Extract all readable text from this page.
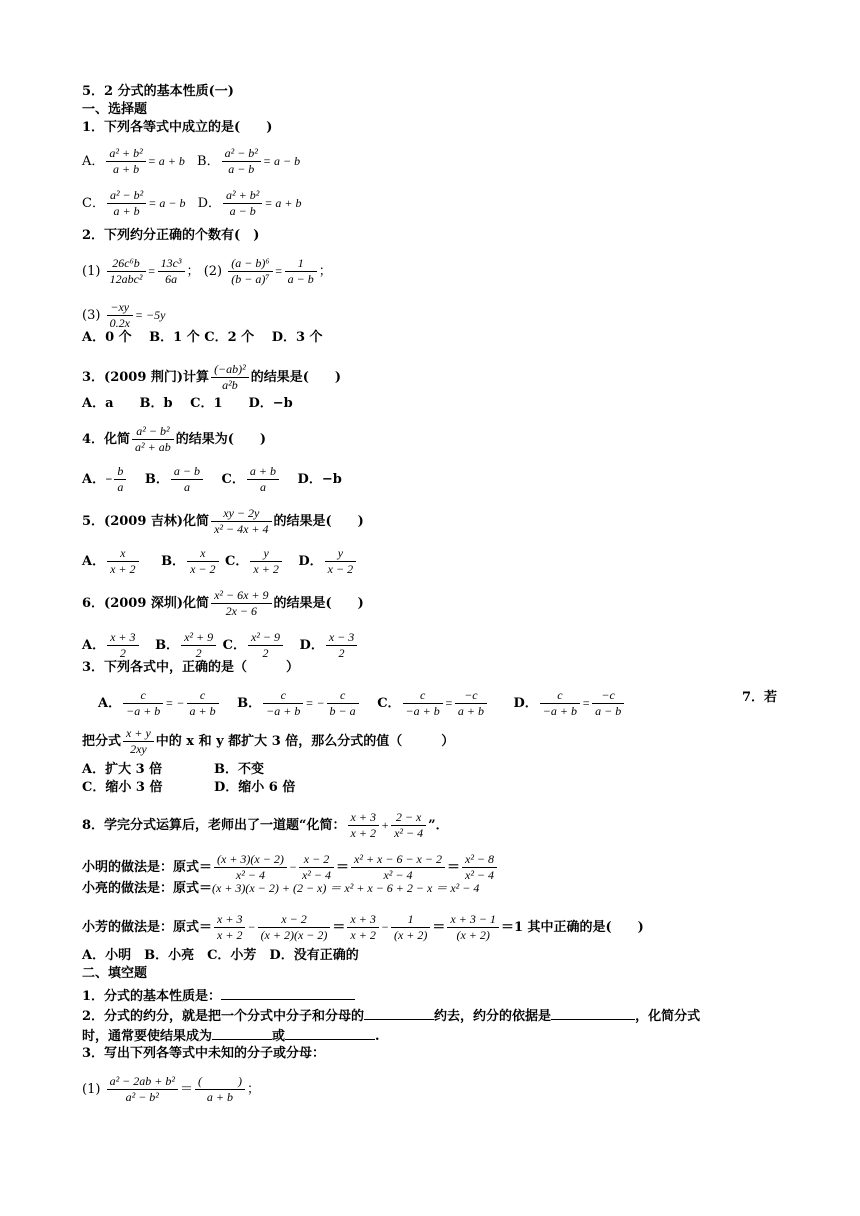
5．2 分式的基本性质(一)
一、选择题
1．下列各等式中成立的是(　　)
A． $\frac{\text{a² + b²}}{a + b} = a + b$ B． $\frac{\text{a² − b²}}{a - b} = a - b$
C． $\frac{\text{a² − b²}}{a + b} = a - b$ D． $\frac{\text{a² + b²}}{a - b} = a + b$
2．下列约分正确的个数有(　)
$(1) \frac{\text{26c⁶b}}{\text{12abc²}} = \frac{\text{13c³}}{6a}$ ； $(2) \frac{\text{(a − b)⁶}}{\text{(b − a)⁷}} = \frac{1}{a - b}$ ；
$(3) \frac{-xy}{0.2x} = -5y$
A．0 个　 B．1 个 C．2 个　 D．3 个
3．(2009 荆门)计算 $\frac{\text{(−ab)²}}{\text{a²b}}$ 的结果是(　　)
A．a　　B．b　 C．1　　D．−b
4．化简 $\frac{\text{a² − b²}}{\text{a² + ab}}$ 的结果为(　　)
A．− $\frac{b}{a}$ B． $\frac{a - b}{a}$ C． $\frac{a + b}{a}$ D．−b
5．(2009 吉林)化简 $\frac{xy - 2y}{\text{x² − 4x + 4}}$ 的结果是(　　)
A． $\frac{x}{x + 2}$ B． $\frac{x}{x - 2}$ C． $\frac{y}{x + 2}$ D． $\frac{y}{x - 2}$
6．(2009 深圳)化简 $\frac{\text{x² − 6x + 9}}{2x - 6}$ 的结果是(　　)
A． $\frac{x + 3}{2}$ B． $\frac{\text{x² + 9}}{2}$ C． $\frac{\text{x² − 9}}{2}$ D． $\frac{x - 3}{2}$
3．下列各式中，正确的是（　　　）
A． $\frac{c}{-a + b}$ = − $\frac{c}{a + b}$ B． $\frac{c}{-a + b}$ = − $\frac{c}{b - a}$ C． $\frac{c}{-a + b} = \frac{-c}{a + b}$ D． $\frac{c}{-a + b} = \frac{-c}{a - b}$	7．若
把分式 $\frac{x + y}{2xy}$ 中的 x 和 y 都扩大 3 倍，那么分式的值（　　　）
A．扩大 3 倍	B．不变
C．缩小 3 倍	D．缩小 6 倍
8．学完分式运算后，老师出了一道题“化简： $\frac{x + 3}{x + 2} + \frac{2 - x}{\text{x² − 4}}$ ”．
小明的做法是：原式＝ $\frac{(x + 3)(x - 2)}{\text{x² − 4}} - \frac{x - 2}{\text{x² − 4}} = \frac{\text{x² + x − 6 − x − 2}}{\text{x² − 4}} = \frac{\text{x² − 8}}{\text{x² − 4}}$
小亮的做法是：原式＝(x + 3)(x − 2) + (2 − x) ＝ x² + x − 6 + 2 − x ＝ x² − 4
小芳的做法是：原式＝ $\frac{x + 3}{x + 2} - \frac{x - 2}{(x + 2)(x - 2)} = \frac{x + 3}{x + 2} - \frac{1}{(x + 2)} = \frac{x + 3 - 1}{(x + 2)} =1$ 其中正确的是(　　)
A．小明　B．小亮　C．小芳　D．没有正确的
二、填空题
1．分式的基本性质是：
2．分式的约分，就是把一个分式中分子和分母的	约去，约分的依据是	，化简分式
时，通常要使结果成为	或	.
3．写出下列各等式中未知的分子或分母：
$(1) \frac{\text{a² − 2ab + b²}}{\text{a² − b²}} = \frac{( )}{a + b}$ ；
